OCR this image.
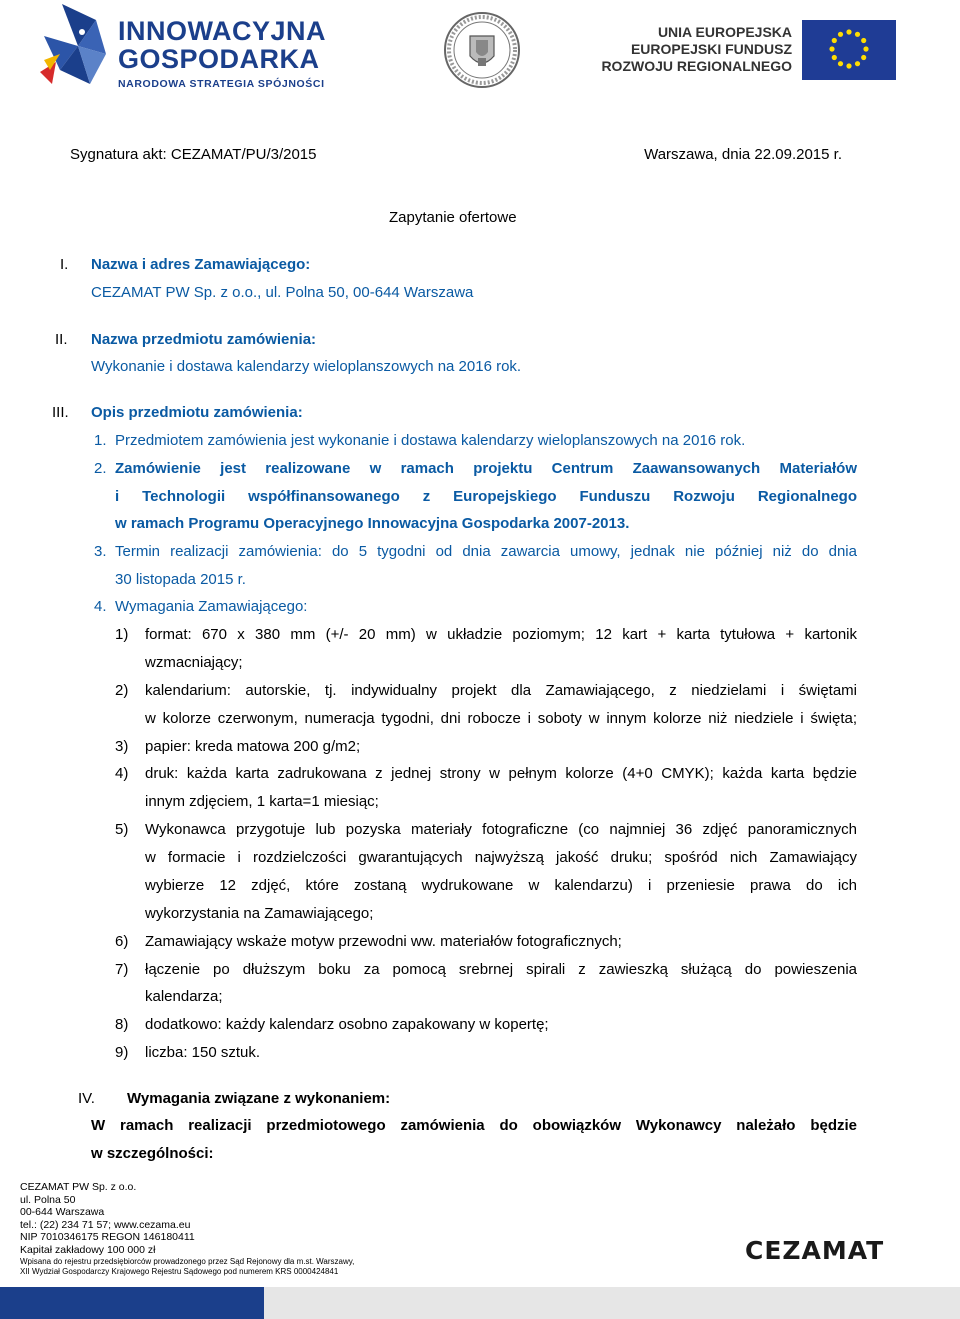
INNOWACYJNA
GOSPODARKA
NARODOWA STRATEGIA SPÓJNOŚCI
UNIA EUROPEJSKA
EUROPEJSKI FUNDUSZ
ROZWOJU REGIONALNEGO
Sygnatura akt: CEZAMAT/PU/3/2015	Warszawa, dnia 22.09.2015 r.
Zapytanie ofertowe
I. Nazwa i adres Zamawiającego:
CEZAMAT PW Sp. z o.o., ul. Polna 50, 00-644 Warszawa
II. Nazwa przedmiotu zamówienia:
Wykonanie i dostawa kalendarzy wieloplanszowych na 2016 rok.
III. Opis przedmiotu zamówienia:
1. Przedmiotem zamówienia jest wykonanie i dostawa kalendarzy wieloplanszowych na 2016 rok.
2. Zamówienie jest realizowane w ramach projektu Centrum Zaawansowanych Materiałów
i Technologii współfinansowanego z Europejskiego Funduszu Rozwoju Regionalnego
w ramach Programu Operacyjnego Innowacyjna Gospodarka 2007-2013.
3. Termin realizacji zamówienia: do 5 tygodni od dnia zawarcia umowy, jednak nie później niż do dnia
30 listopada 2015 r.
4. Wymagania Zamawiającego:
1) format: 670 x 380 mm (+/- 20 mm) w układzie poziomym; 12 kart + karta tytułowa + kartonik
wzmacniający;
2) kalendarium: autorskie, tj. indywidualny projekt dla Zamawiającego, z niedzielami i świętami
w kolorze czerwonym, numeracja tygodni, dni robocze i soboty w innym kolorze niż niedziele i święta;
3) papier: kreda matowa 200 g/m2;
4) druk: każda karta zadrukowana z jednej strony w pełnym kolorze (4+0 CMYK); każda karta będzie
innym zdjęciem, 1 karta=1 miesiąc;
5) Wykonawca przygotuje lub pozyska materiały fotograficzne (co najmniej 36 zdjęć panoramicznych
w formacie i rozdzielczości gwarantujących najwyższą jakość druku; spośród nich Zamawiający
wybierze 12 zdjęć, które zostaną wydrukowane w kalendarzu) i przeniesie prawa do ich
wykorzystania na Zamawiającego;
6) Zamawiający wskaże motyw przewodni ww. materiałów fotograficznych;
7) łączenie po dłuższym boku za pomocą srebrnej spirali z zawieszką służącą do powieszenia
kalendarza;
8) dodatkowo: każdy kalendarz osobno zapakowany w kopertę;
9) liczba: 150 sztuk.
IV. Wymagania związane z wykonaniem:
W ramach realizacji przedmiotowego zamówienia do obowiązków Wykonawcy należało będzie
w szczególności:
CEZAMAT PW Sp. z o.o.
ul. Polna 50
00-644 Warszawa
tel.: (22) 234 71 57; www.cezama.eu
NIP 7010346175 REGON 146180411
Kapitał zakładowy 100 000 zł
Wpisana do rejestru przedsiębiorców prowadzonego przez Sąd Rejonowy dla m.st. Warszawy,
XII Wydział Gospodarczy Krajowego Rejestru Sądowego pod numerem KRS 0000424841
CEZAMAT
